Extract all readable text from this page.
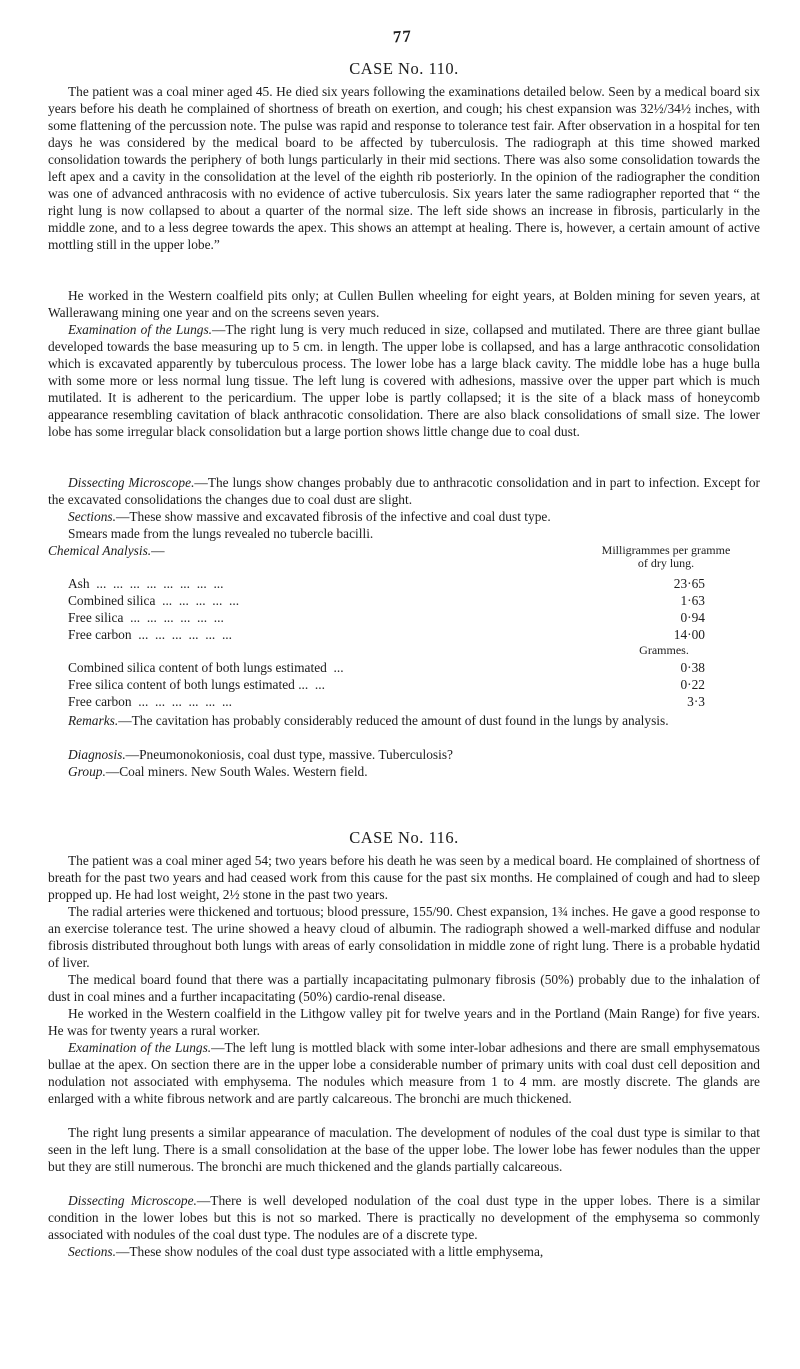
77
CASE No. 110.

The patient was a coal miner aged 45. He died six years following the examinations detailed below. Seen by a medical board six years before his death he complained of shortness of breath on exertion, and cough; his chest expansion was 32½/34½ inches, with some flattening of the percussion note. The pulse was rapid and response to tolerance test fair. After observation in a hospital for ten days he was considered by the medical board to be affected by tuberculosis. The radiograph at this time showed marked consolidation towards the periphery of both lungs particularly in their mid sections. There was also some consolidation towards the left apex and a cavity in the consolidation at the level of the eighth rib posteriorly. In the opinion of the radiographer the condition was one of advanced anthracosis with no evidence of active tuberculosis. Six years later the same radiographer reported that “ the right lung is now collapsed to about a quarter of the normal size. The left side shows an increase in fibrosis, particularly in the middle zone, and to a less degree towards the apex. This shows an attempt at healing. There is, however, a certain amount of active mottling still in the upper lobe.”

He worked in the Western coalfield pits only; at Cullen Bullen wheeling for eight years, at Bolden mining for seven years, at Wallerawang mining one year and on the screens seven years.

Examination of the Lungs.—The right lung is very much reduced in size, collapsed and mutilated. There are three giant bullae developed towards the base measuring up to 5 cm. in length. The upper lobe is collapsed, and has a large anthracotic consolidation which is excavated apparently by tuberculous process. The lower lobe has a large black cavity. The middle lobe has a huge bulla with some more or less normal lung tissue. The left lung is covered with adhesions, massive over the upper part which is much mutilated. It is adherent to the pericardium. The upper lobe is partly collapsed; it is the site of a black mass of honeycomb appearance resembling cavitation of black anthracotic consolidation. There are also black consolidations of small size. The lower lobe has some irregular black consolidation but a large portion shows little change due to coal dust.

Dissecting Microscope.—The lungs show changes probably due to anthracotic consolidation and in part to infection. Except for the excavated consolidations the changes due to coal dust are slight.

Sections.—These show massive and excavated fibrosis of the infective and coal dust type.

Smears made from the lungs revealed no tubercle bacilli.

Chemical Analysis.—	Milligrammes per gramme of dry lung.
Ash  ...  ...  ...  ...  ...  ...  ...  ...	23·65
Combined silica  ...  ...  ...  ...  ...	1·63
Free silica  ...  ...  ...  ...  ...  ...	0·94
Free carbon  ...  ...  ...  ...  ...  ...	14·00
Grammes.
Combined silica content of both lungs estimated  ...	0·38
Free silica content of both lungs estimated ...  ...	0·22
Free carbon  ...  ...  ...  ...  ...  ...	3·3

Remarks.—The cavitation has probably considerably reduced the amount of dust found in the lungs by analysis.

Diagnosis.—Pneumonokoniosis, coal dust type, massive. Tuberculosis?

Group.—Coal miners. New South Wales. Western field.

CASE No. 116.

The patient was a coal miner aged 54; two years before his death he was seen by a medical board. He complained of shortness of breath for the past two years and had ceased work from this cause for the past six months. He complained of cough and had to sleep propped up. He had lost weight, 2½ stone in the past two years.

The radial arteries were thickened and tortuous; blood pressure, 155/90. Chest expansion, 1¾ inches. He gave a good response to an exercise tolerance test. The urine showed a heavy cloud of albumin. The radiograph showed a well-marked diffuse and nodular fibrosis distributed throughout both lungs with areas of early consolidation in middle zone of right lung. There is a probable hydatid of liver.

The medical board found that there was a partially incapacitating pulmonary fibrosis (50%) probably due to the inhalation of dust in coal mines and a further incapacitating (50%) cardio-renal disease.

He worked in the Western coalfield in the Lithgow valley pit for twelve years and in the Portland (Main Range) for five years. He was for twenty years a rural worker.

Examination of the Lungs.—The left lung is mottled black with some inter-lobar adhesions and there are small emphysematous bullae at the apex. On section there are in the upper lobe a considerable number of primary units with coal dust cell deposition and nodulation not associated with emphysema. The nodules which measure from 1 to 4 mm. are mostly discrete. The glands are enlarged with a white fibrous network and are partly calcareous. The bronchi are much thickened.

The right lung presents a similar appearance of maculation. The development of nodules of the coal dust type is similar to that seen in the left lung. There is a small consolidation at the base of the upper lobe. The lower lobe has fewer nodules than the upper but they are still numerous. The bronchi are much thickened and the glands partially calcareous.

Dissecting Microscope.—There is well developed nodulation of the coal dust type in the upper lobes. There is a similar condition in the lower lobes but this is not so marked. There is practically no development of the emphysema so commonly associated with nodules of the coal dust type. The nodules are of a discrete type.

Sections.—These show nodules of the coal dust type associated with a little emphysema,
